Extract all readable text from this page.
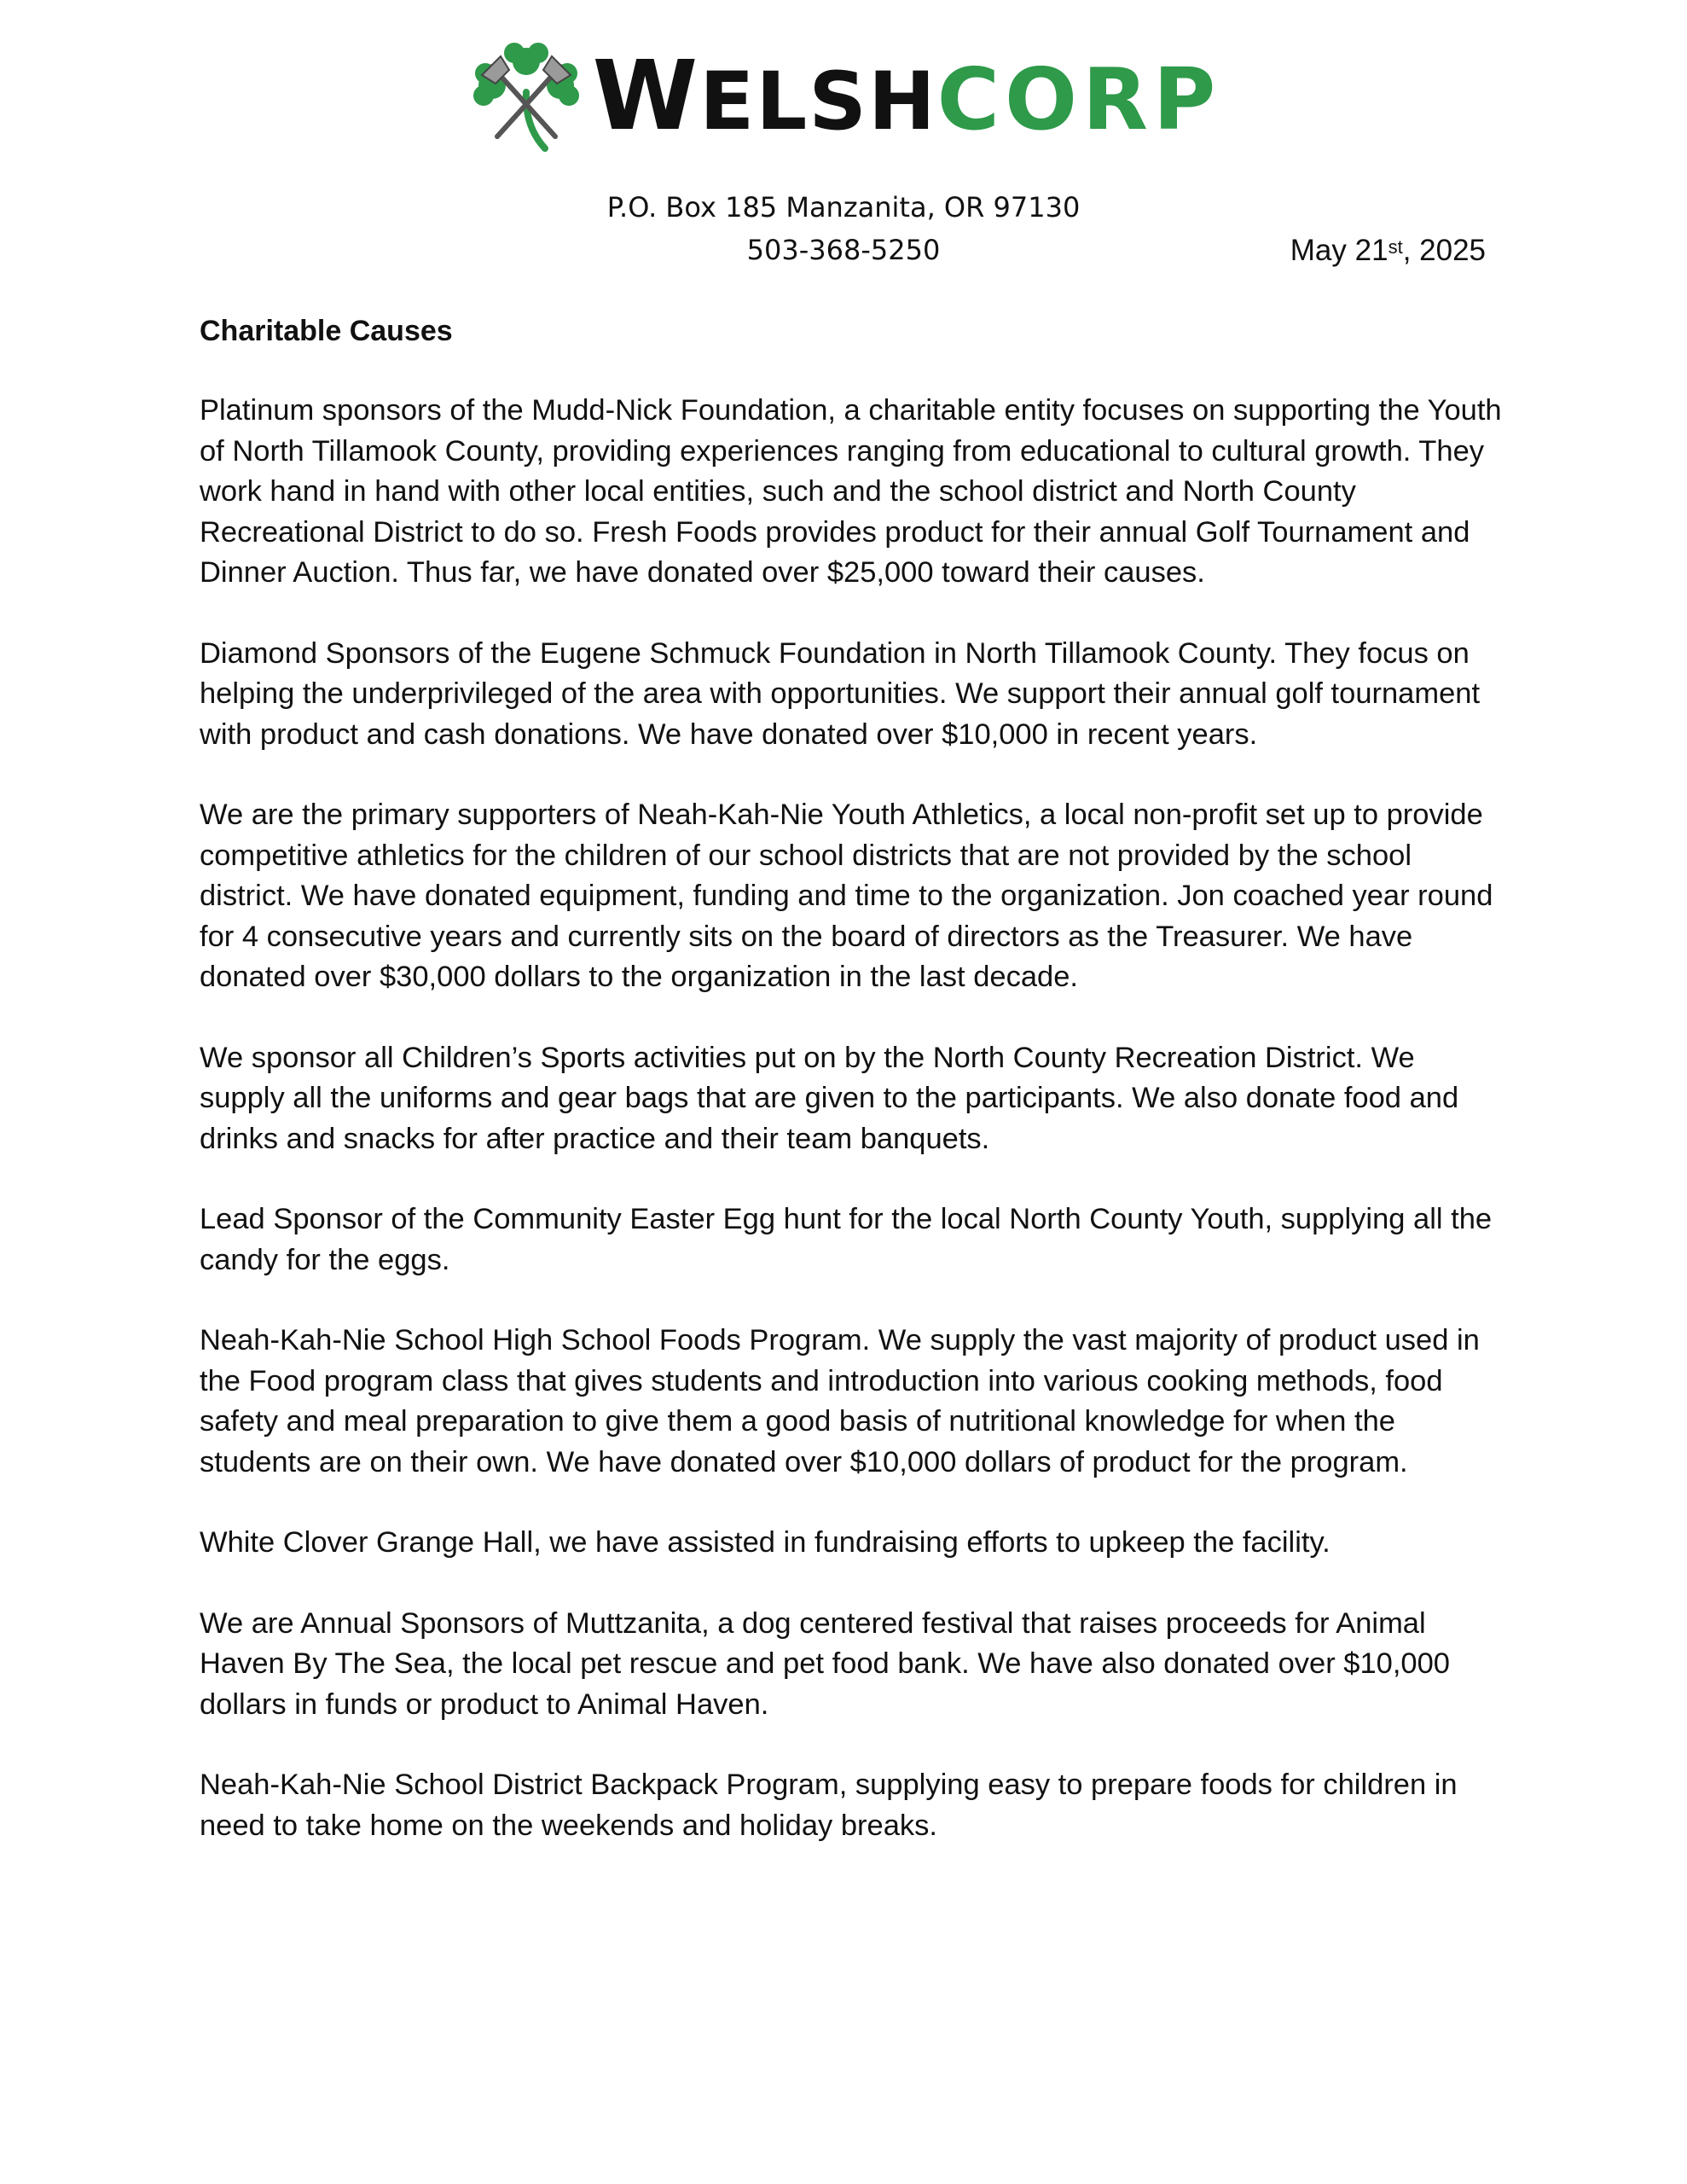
WELSHCORP
P.O. Box 185 Manzanita, OR 97130
503-368-5250	May 21st, 2025
Charitable Causes

Platinum sponsors of the Mudd-Nick Foundation, a charitable entity focuses on supporting the Youth of North Tillamook County, providing experiences ranging from educational to cultural growth. They work hand in hand with other local entities, such and the school district and North County Recreational District to do so. Fresh Foods provides product for their annual Golf Tournament and Dinner Auction. Thus far, we have donated over $25,000 toward their causes.

Diamond Sponsors of the Eugene Schmuck Foundation in North Tillamook County. They focus on helping the underprivileged of the area with opportunities. We support their annual golf tournament with product and cash donations. We have donated over $10,000 in recent years.

We are the primary supporters of Neah-Kah-Nie Youth Athletics, a local non-profit set up to provide competitive athletics for the children of our school districts that are not provided by the school district. We have donated equipment, funding and time to the organization. Jon coached year round for 4 consecutive years and currently sits on the board of directors as the Treasurer. We have donated over $30,000 dollars to the organization in the last decade.

We sponsor all Children’s Sports activities put on by the North County Recreation District. We supply all the uniforms and gear bags that are given to the participants. We also donate food and drinks and snacks for after practice and their team banquets.

Lead Sponsor of the Community Easter Egg hunt for the local North County Youth, supplying all the candy for the eggs.

Neah-Kah-Nie School High School Foods Program. We supply the vast majority of product used in the Food program class that gives students and introduction into various cooking methods, food safety and meal preparation to give them a good basis of nutritional knowledge for when the students are on their own. We have donated over $10,000 dollars of product for the program.

White Clover Grange Hall, we have assisted in fundraising efforts to upkeep the facility.

We are Annual Sponsors of Muttzanita, a dog centered festival that raises proceeds for Animal Haven By The Sea, the local pet rescue and pet food bank. We have also donated over $10,000 dollars in funds or product to Animal Haven.

Neah-Kah-Nie School District Backpack Program, supplying easy to prepare foods for children in need to take home on the weekends and holiday breaks.
